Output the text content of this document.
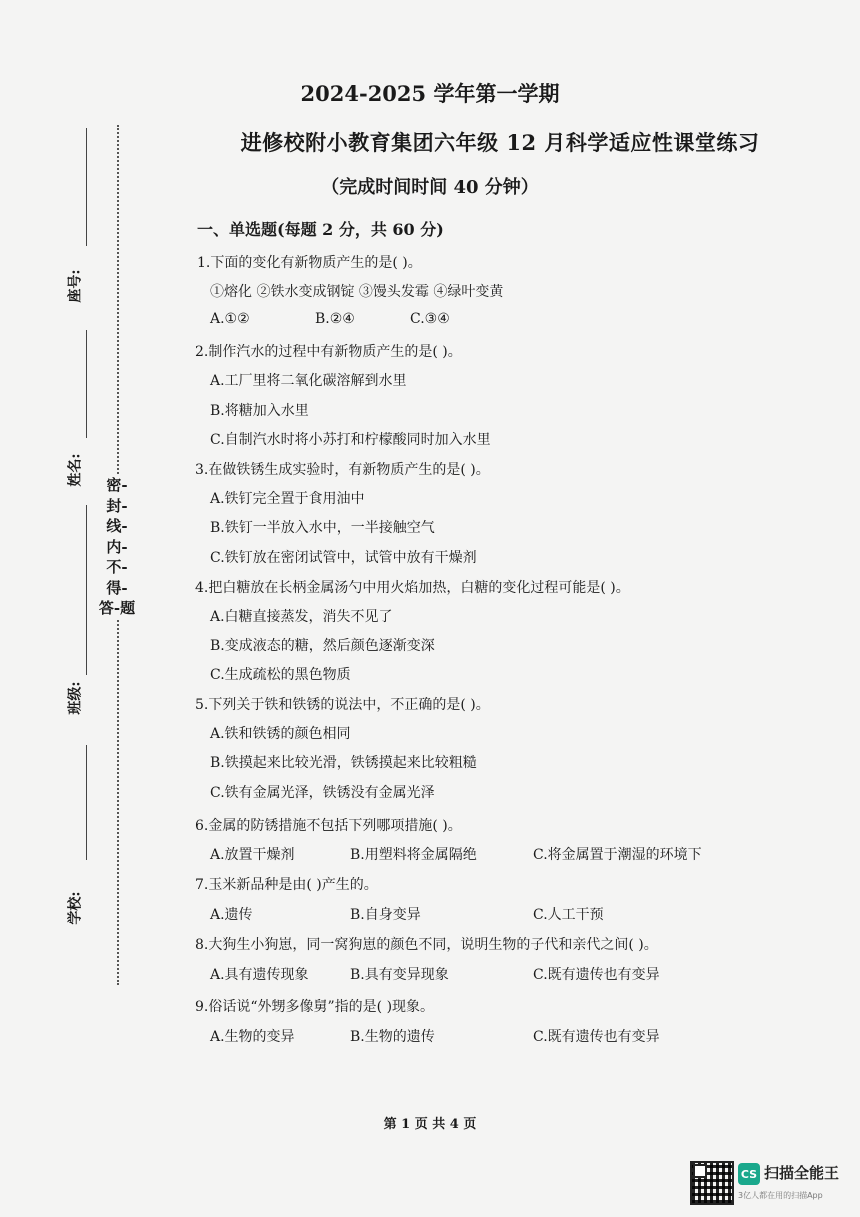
2024-2025 学年第一学期
进修校附小教育集团六年级 12 月科学适应性课堂练习
（完成时间时间 40 分钟）
密-封-线-内-不-得-答-题
座号:
姓名:
班级:
学校:
一、单选题(每题 2 分，共 60 分)
1.下面的变化有新物质产生的是( )。
①熔化 ②铁水变成钢锭 ③馒头发霉 ④绿叶变黄
A.①②	B.②④	C.③④
2.制作汽水的过程中有新物质产生的是( )。
A.工厂里将二氧化碳溶解到水里
B.将糖加入水里
C.自制汽水时将小苏打和柠檬酸同时加入水里
3.在做铁锈生成实验时，有新物质产生的是( )。
A.铁钉完全置于食用油中
B.铁钉一半放入水中，一半接触空气
C.铁钉放在密闭试管中，试管中放有干燥剂
4.把白糖放在长柄金属汤勺中用火焰加热，白糖的变化过程可能是( )。
A.白糖直接蒸发，消失不见了
B.变成液态的糖，然后颜色逐渐变深
C.生成疏松的黑色物质
5.下列关于铁和铁锈的说法中，不正确的是( )。
A.铁和铁锈的颜色相同
B.铁摸起来比较光滑，铁锈摸起来比较粗糙
C.铁有金属光泽，铁锈没有金属光泽
6.金属的防锈措施不包括下列哪项措施( )。
A.放置干燥剂	B.用塑料将金属隔绝	C.将金属置于潮湿的环境下
7.玉米新品种是由( )产生的。
A.遗传	B.自身变异	C.人工干预
8.大狗生小狗崽，同一窝狗崽的颜色不同，说明生物的子代和亲代之间( )。
A.具有遗传现象	B.具有变异现象	C.既有遗传也有变异
9.俗话说“外甥多像舅”指的是( )现象。
A.生物的变异	B.生物的遗传	C.既有遗传也有变异
第 1 页 共 4 页
CS 扫描全能王
3亿人都在用的扫描App
